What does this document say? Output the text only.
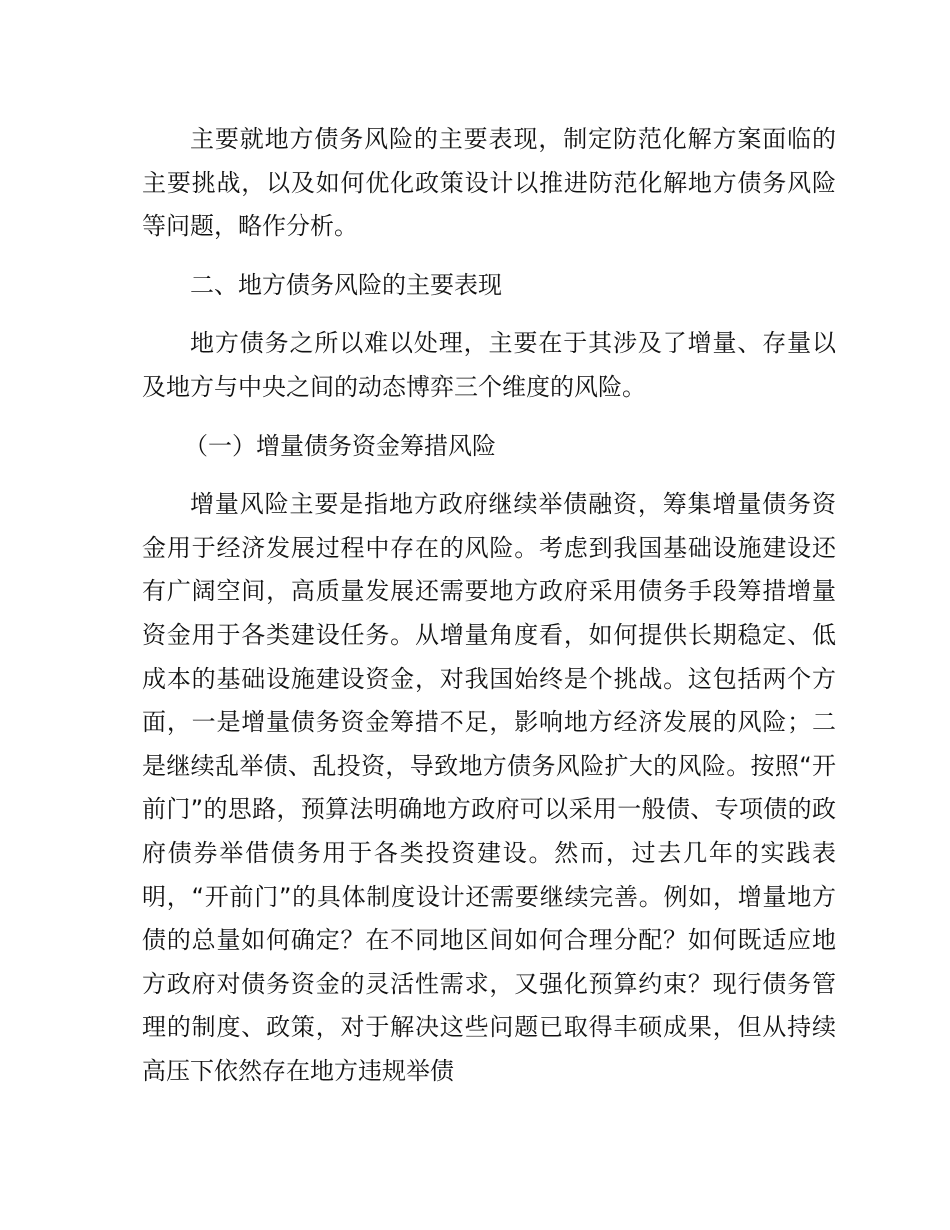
主要就地方债务风险的主要表现，制定防范化解方案面临的主要挑战，以及如何优化政策设计以推进防范化解地方债务风险等问题，略作分析。

二、地方债务风险的主要表现

地方债务之所以难以处理，主要在于其涉及了增量、存量以及地方与中央之间的动态博弈三个维度的风险。

（一）增量债务资金筹措风险

增量风险主要是指地方政府继续举债融资，筹集增量债务资金用于经济发展过程中存在的风险。考虑到我国基础设施建设还有广阔空间，高质量发展还需要地方政府采用债务手段筹措增量资金用于各类建设任务。从增量角度看，如何提供长期稳定、低成本的基础设施建设资金，对我国始终是个挑战。这包括两个方面，一是增量债务资金筹措不足，影响地方经济发展的风险；二是继续乱举债、乱投资，导致地方债务风险扩大的风险。按照“开前门”的思路，预算法明确地方政府可以采用一般债、专项债的政府债券举借债务用于各类投资建设。然而，过去几年的实践表明，“开前门”的具体制度设计还需要继续完善。例如，增量地方债的总量如何确定？在不同地区间如何合理分配？如何既适应地方政府对债务资金的灵活性需求，又强化预算约束？现行债务管理的制度、政策，对于解决这些问题已取得丰硕成果，但从持续高压下依然存在地方违规举债
